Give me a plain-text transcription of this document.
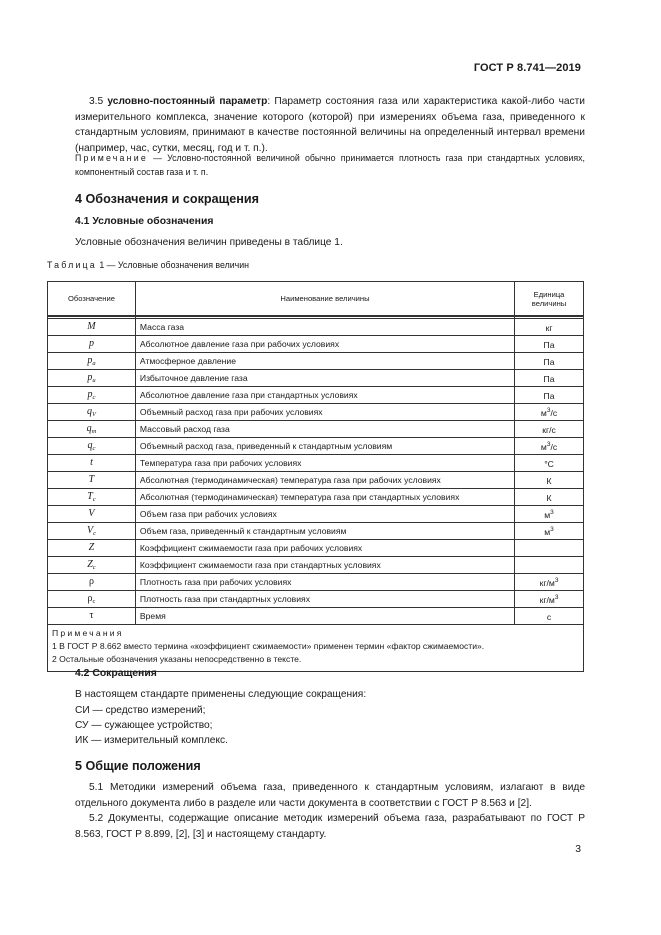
ГОСТ Р 8.741—2019
3.5 условно-постоянный параметр: Параметр состояния газа или характеристика какой-либо части измерительного комплекса, значение которого (которой) при измерениях объема газа, приведенного к стандартным условиям, принимают в качестве постоянной величины на определенный интервал времени (например, час, сутки, месяц, год и т. п.).
Примечание — Условно-постоянной величиной обычно принимается плотность газа при стандартных условиях, компонентный состав газа и т. п.
4 Обозначения и сокращения
4.1 Условные обозначения
Условные обозначения величин приведены в таблице 1.
Таблица 1 — Условные обозначения величин
Обозначение	Наименование величины	Единица величины

M	Масса газа	кг
p	Абсолютное давление газа при рабочих условиях	Па
$p_а$	Атмосферное давление	Па
$p_и$	Избыточное давление газа	Па
$p_с$	Абсолютное давление газа при стандартных условиях	Па
$q_V$	Объемный расход газа при рабочих условиях	$м^3/с$
$q_m$	Массовый расход газа	кг/с
$q_с$	Объемный расход газа, приведенный к стандартным условиям	$м^3/с$
t	Температура газа при рабочих условиях	°С
T	Абсолютная (термодинамическая) температура газа при рабочих условиях	К
$T_с$	Абсолютная (термодинамическая) температура газа при стандартных условиях	К
V	Объем газа при рабочих условиях	$м^3$
$V_с$	Объем газа, приведенный к стандартным условиям	$м^3$
Z	Коэффициент сжимаемости газа при рабочих условиях	
$Z_с$	Коэффициент сжимаемости газа при стандартных условиях	
ρ	Плотность газа при рабочих условиях	$кг/м^3$
$\rho_с$	Плотность газа при стандартных условиях	$кг/м^3$
τ	Время	с

Примечания
1 В ГОСТ Р 8.662 вместо термина «коэффициент сжимаемости» применен термин «фактор сжимаемости».
2 Остальные обозначения указаны непосредственно в тексте.		
4.2 Сокращения
В настоящем стандарте применены следующие сокращения:
СИ — средство измерений;
СУ — сужающее устройство;
ИК — измерительный комплекс.
5 Общие положения
5.1 Методики измерений объема газа, приведенного к стандартным условиям, излагают в виде отдельного документа либо в разделе или части документа в соответствии с ГОСТ Р 8.563 и [2].
5.2 Документы, содержащие описание методик измерений объема газа, разрабатывают по ГОСТ Р 8.563, ГОСТ Р 8.899, [2], [3] и настоящему стандарту.
3
